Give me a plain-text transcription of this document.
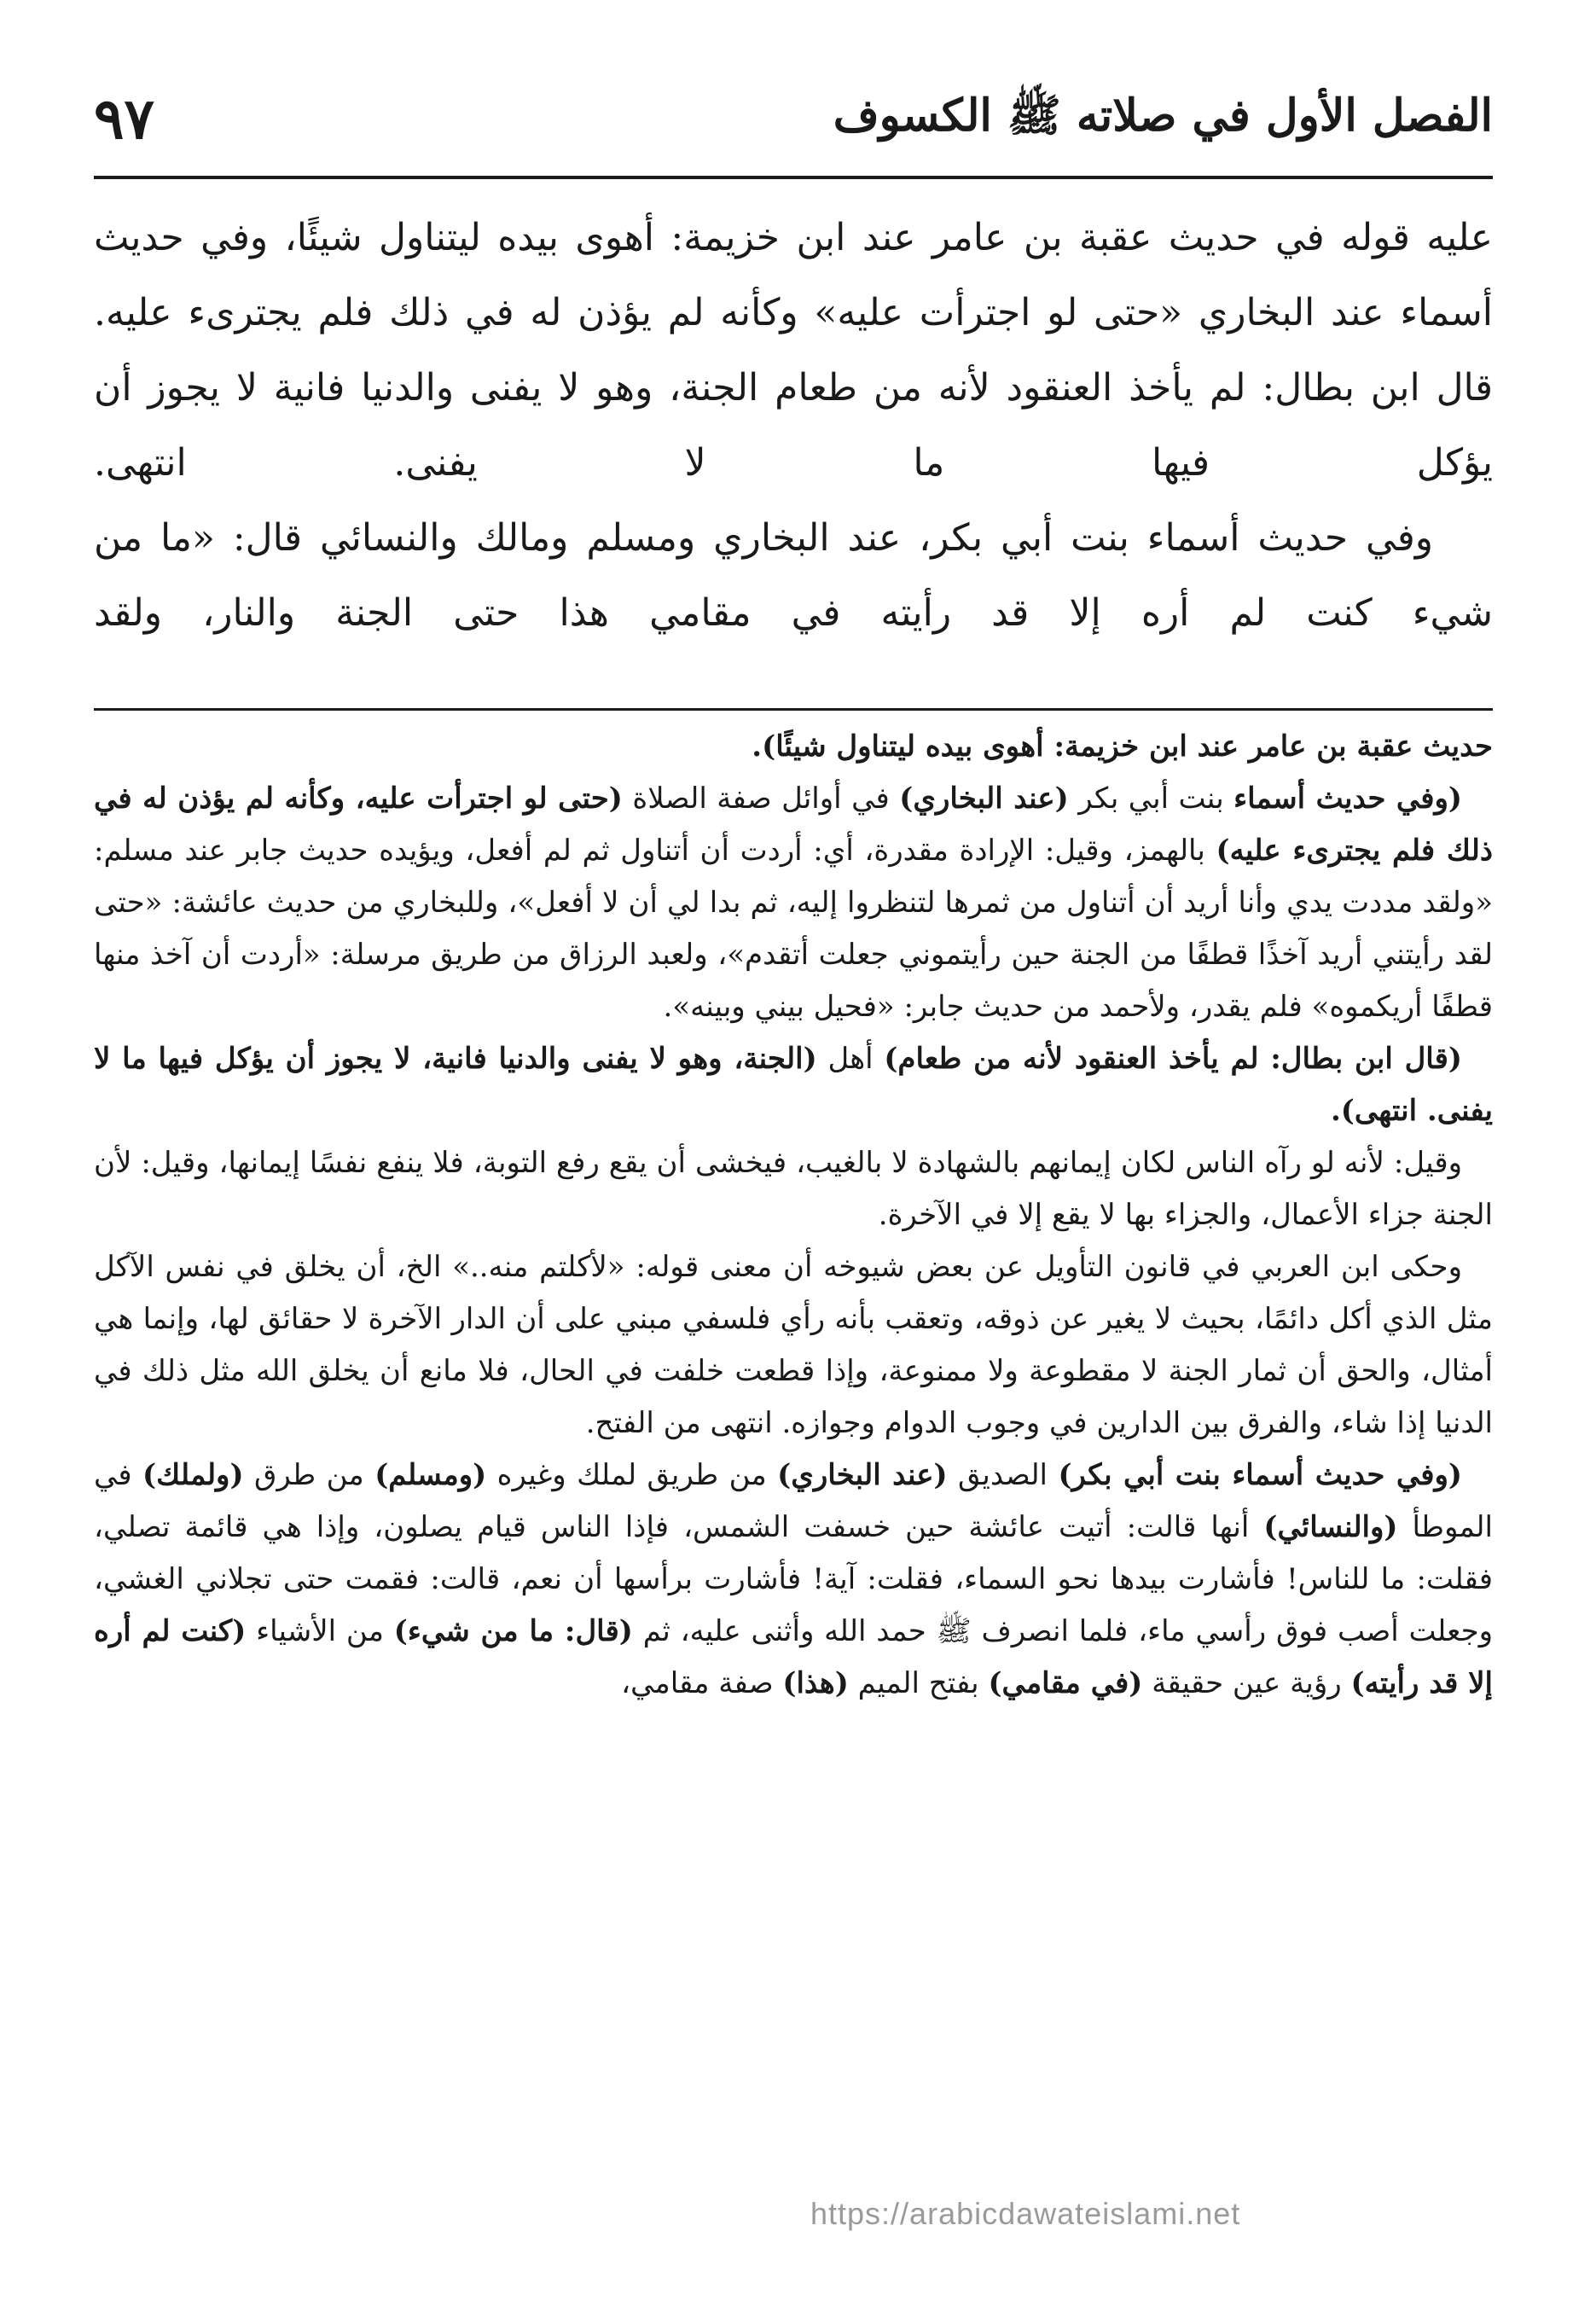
٩٧	الفصل الأول في صلاته ﷺ الكسوف

عليه قوله في حديث عقبة بن عامر عند ابن خزيمة: أهوى بيده ليتناول شيئًا، وفي حديث أسماء عند البخاري «حتى لو اجترأت عليه» وكأنه لم يؤذن له في ذلك فلم يجترىء عليه. قال ابن بطال: لم يأخذ العنقود لأنه من طعام الجنة، وهو لا يفنى والدنيا فانية لا يجوز أن يؤكل فيها ما لا يفنى. انتهى.

وفي حديث أسماء بنت أبي بكر، عند البخاري ومسلم ومالك والنسائي قال: «ما من شيء كنت لم أره إلا قد رأيته في مقامي هذا حتى الجنة والنار، ولقد

حديث عقبة بن عامر عند ابن خزيمة: أهوى بيده ليتناول شيئًا).

(وفي حديث أسماء بنت أبي بكر (عند البخاري) في أوائل صفة الصلاة (حتى لو اجترأت عليه، وكأنه لم يؤذن له في ذلك فلم يجترىء عليه) بالهمز، وقيل: الإرادة مقدرة، أي: أردت أن أتناول ثم لم أفعل، ويؤيده حديث جابر عند مسلم: «ولقد مددت يدي وأنا أريد أن أتناول من ثمرها لتنظروا إليه، ثم بدا لي أن لا أفعل»، وللبخاري من حديث عائشة: «حتى لقد رأيتني أريد آخذًا قطفًا من الجنة حين رأيتموني جعلت أتقدم»، ولعبد الرزاق من طريق مرسلة: «أردت أن آخذ منها قطفًا أريكموه» فلم يقدر، ولأحمد من حديث جابر: «فحيل بيني وبينه».

(قال ابن بطال: لم يأخذ العنقود لأنه من طعام) أهل (الجنة، وهو لا يفنى والدنيا فانية، لا يجوز أن يؤكل فيها ما لا يفنى. انتهى).

وقيل: لأنه لو رآه الناس لكان إيمانهم بالشهادة لا بالغيب، فيخشى أن يقع رفع التوبة، فلا ينفع نفسًا إيمانها، وقيل: لأن الجنة جزاء الأعمال، والجزاء بها لا يقع إلا في الآخرة.

وحكى ابن العربي في قانون التأويل عن بعض شيوخه أن معنى قوله: «لأكلتم منه..» الخ، أن يخلق في نفس الآكل مثل الذي أكل دائمًا، بحيث لا يغير عن ذوقه، وتعقب بأنه رأي فلسفي مبني على أن الدار الآخرة لا حقائق لها، وإنما هي أمثال، والحق أن ثمار الجنة لا مقطوعة ولا ممنوعة، وإذا قطعت خلفت في الحال، فلا مانع أن يخلق الله مثل ذلك في الدنيا إذا شاء، والفرق بين الدارين في وجوب الدوام وجوازه. انتهى من الفتح.

(وفي حديث أسماء بنت أبي بكر) الصديق (عند البخاري) من طريق لملك وغيره (ومسلم) من طرق (ولملك) في الموطأ (والنسائي) أنها قالت: أتيت عائشة حين خسفت الشمس، فإذا الناس قيام يصلون، وإذا هي قائمة تصلي، فقلت: ما للناس! فأشارت بيدها نحو السماء، فقلت: آية! فأشارت برأسها أن نعم، قالت: فقمت حتى تجلاني الغشي، وجعلت أصب فوق رأسي ماء، فلما انصرف ﷺ حمد الله وأثنى عليه، ثم (قال: ما من شيء) من الأشياء (كنت لم أره إلا قد رأيته) رؤية عين حقيقة (في مقامي) بفتح الميم (هذا) صفة مقامي،

https://arabicdawateislami.net
